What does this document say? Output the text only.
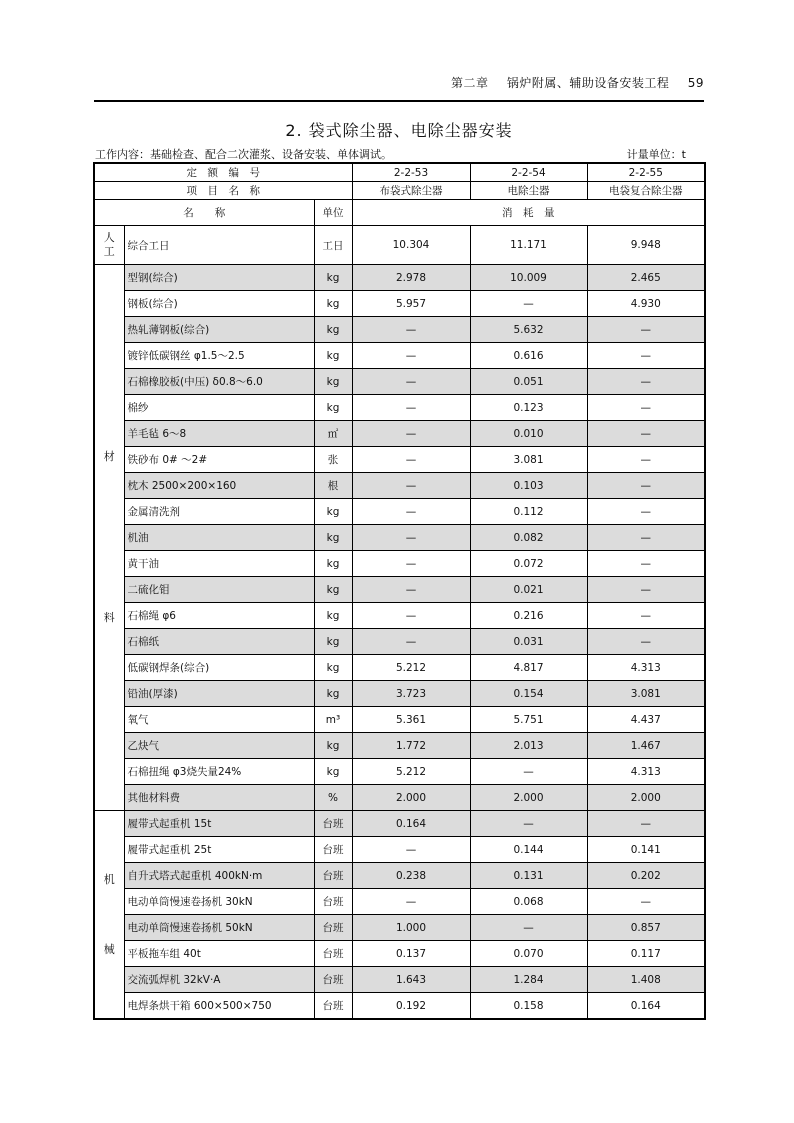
第二章 锅炉附属、辅助设备安装工程 59
2. 袋式除尘器、电除尘器安装
工作内容：基础检查、配合二次灌浆、设备安装、单体调试。	计量单位：t
定　额　编　号			2-2-53	2-2-54	2-2-55
项　目　名　称			布袋式除尘器	电除尘器	电袋复合除尘器
名　　称		单位	消　耗　量		

人
工	综合工日	工日	10.304	11.171	9.948

材
料	型钢(综合)	kg	2.978	10.009	2.465
	钢板(综合)	kg	5.957	—	4.930
	热轧薄钢板(综合)	kg	—	5.632	—
	镀锌低碳钢丝 φ1.5～2.5	kg	—	0.616	—
	石棉橡胶板(中压) δ0.8～6.0	kg	—	0.051	—
	棉纱	kg	—	0.123	—
	羊毛毡 6～8	㎡	—	0.010	—
	铁砂布 0# ～2#	张	—	3.081	—
	枕木 2500×200×160	根	—	0.103	—
	金属清洗剂	kg	—	0.112	—
	机油	kg	—	0.082	—
	黄干油	kg	—	0.072	—
	二硫化钼	kg	—	0.021	—
	石棉绳 φ6	kg	—	0.216	—
	石棉纸	kg	—	0.031	—
	低碳钢焊条(综合)	kg	5.212	4.817	4.313
	铅油(厚漆)	kg	3.723	0.154	3.081
	氧气	m³	5.361	5.751	4.437
	乙炔气	kg	1.772	2.013	1.467
	石棉扭绳 φ3烧失量24%	kg	5.212	—	4.313
	其他材料费	%	2.000	2.000	2.000

机
械	履带式起重机 15t	台班	0.164	—	—
	履带式起重机 25t	台班	—	0.144	0.141
	自升式塔式起重机 400kN·m	台班	0.238	0.131	0.202
	电动单筒慢速卷扬机 30kN	台班	—	0.068	—
	电动单筒慢速卷扬机 50kN	台班	1.000	—	0.857
	平板拖车组 40t	台班	0.137	0.070	0.117
	交流弧焊机 32kV·A	台班	1.643	1.284	1.408
	电焊条烘干箱 600×500×750	台班	0.192	0.158	0.164
